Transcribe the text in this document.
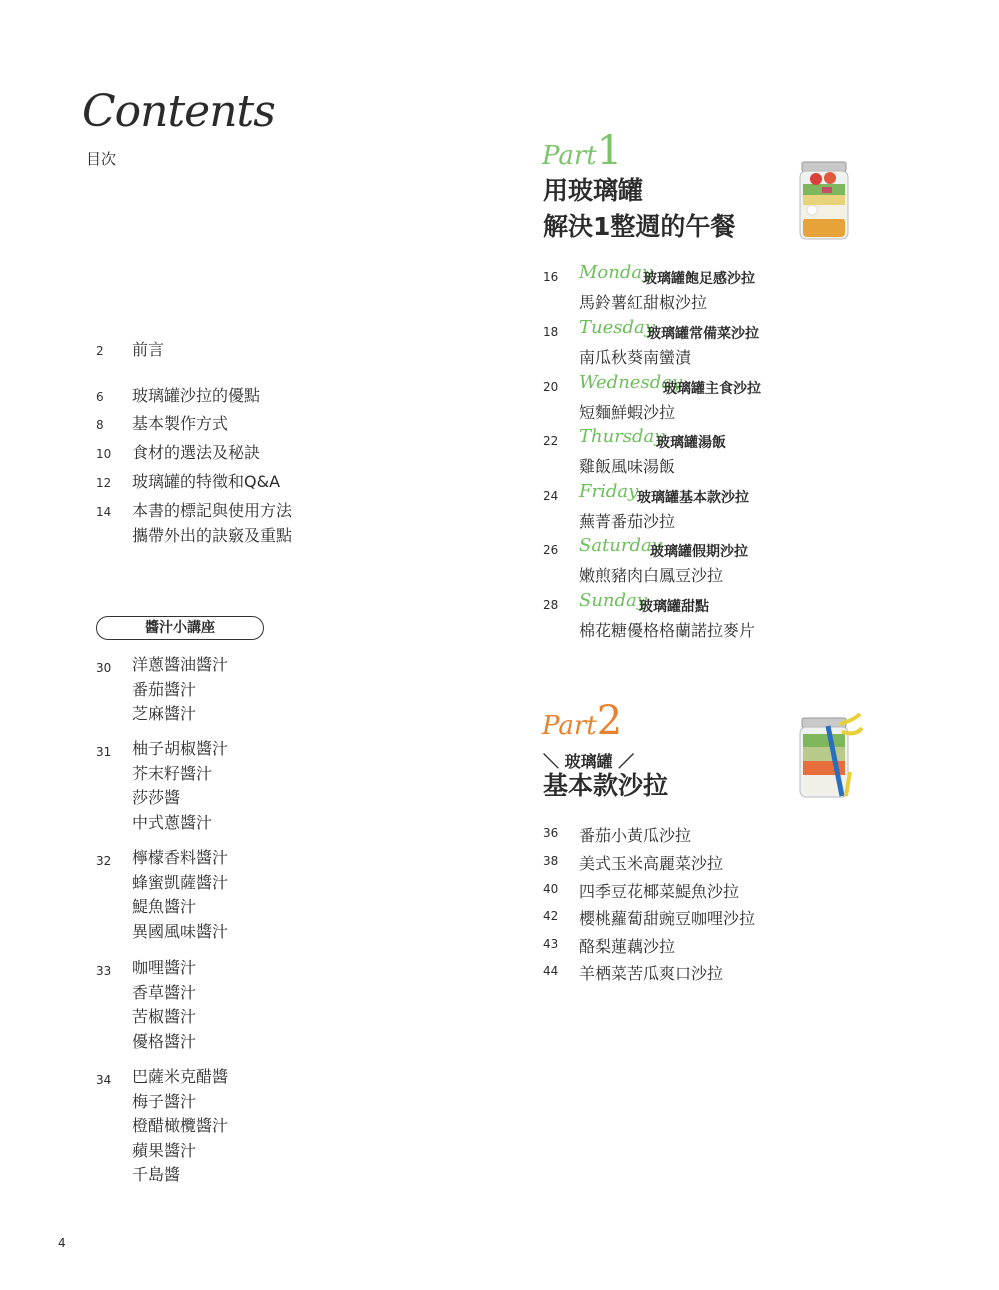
Contents
目次
2	前言
6	玻璃罐沙拉的優點
8	基本製作方式
10	食材的選法及秘訣
12	玻璃罐的特徵和Q&A
14	本書的標記與使用方法
攜帶外出的訣竅及重點
醬汁小講座
30 洋蔥醬油醬汁
番茄醬汁
芝麻醬汁
31 柚子胡椒醬汁
芥末籽醬汁
莎莎醬
中式蔥醬汁
32 檸檬香料醬汁
蜂蜜凱薩醬汁
鯷魚醬汁
異國風味醬汁
33 咖哩醬汁
香草醬汁
苦椒醬汁
優格醬汁
34 巴薩米克醋醬
梅子醬汁
橙醋橄欖醬汁
蘋果醬汁
千島醬
Part1
用玻璃罐
解決1整週的午餐
16 Monday
玻璃罐飽足感沙拉
馬鈴薯紅甜椒沙拉
18 Tuesday
玻璃罐常備菜沙拉
南瓜秋葵南蠻漬
20 Wednesday
玻璃罐主食沙拉
短麵鮮蝦沙拉
22 Thursday
玻璃罐湯飯
雞飯風味湯飯
24 Friday
玻璃罐基本款沙拉
蕪菁番茄沙拉
26 Saturday
玻璃罐假期沙拉
嫩煎豬肉白鳳豆沙拉
28 Sunday
玻璃罐甜點
棉花糖優格格蘭諾拉麥片
Part2
＼ 玻璃罐 ／
基本款沙拉
36 番茄小黃瓜沙拉
38 美式玉米高麗菜沙拉
40 四季豆花椰菜鯷魚沙拉
42 櫻桃蘿蔔甜豌豆咖哩沙拉
43 酪梨蓮藕沙拉
44 羊栖菜苦瓜爽口沙拉
4
